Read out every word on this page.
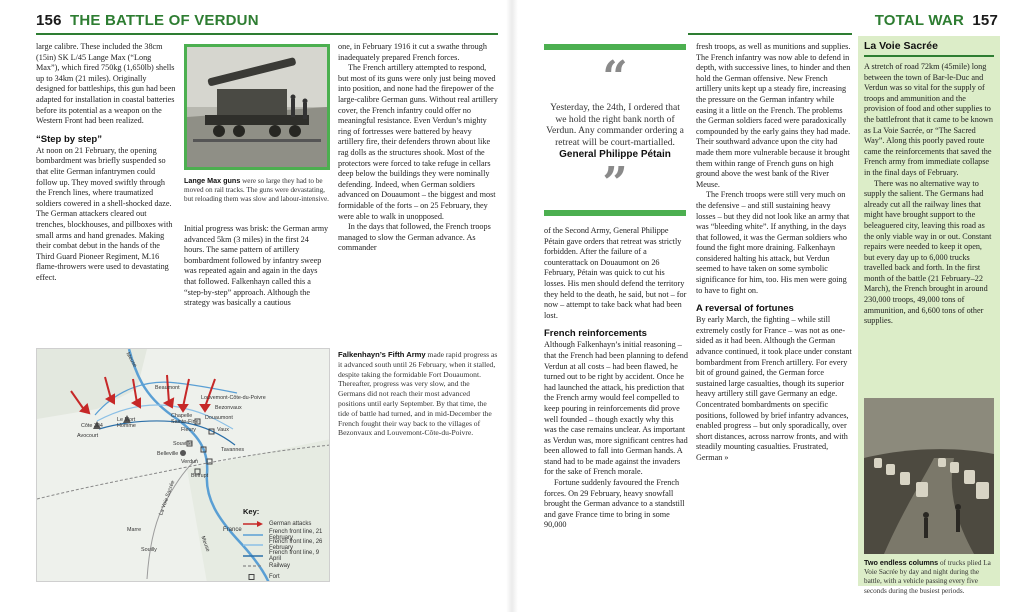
156 THE BATTLE OF VERDUN

large calibre. These included the 38cm (15in) SK L/45 Lange Max (“Long Max”), which fired 750kg (1,650lb) shells up to 34km (21 miles). Originally designed for battleships, this gun had been adapted for installation in coastal batteries before its potential as a weapon on the Western Front had been realized.

“Step by step”

At noon on 21 February, the opening bombardment was briefly suspended so that elite German infantrymen could follow up. They moved swiftly through the French lines, where traumatized soldiers cowered in a shell-shocked daze. The German attackers cleared out trenches, blockhouses, and pillboxes with small arms and hand grenades. Making their combat debut in the hands of the Third Guard Pioneer Regiment, M.16 flame-throwers were used to devastating effect.

Lange Max guns were so large they had to be moved on rail tracks. The guns were devastating, but reloading them was slow and labour-intensive.

Initial progress was brisk: the German army advanced 5km (3 miles) in the first 24 hours. The same pattern of artillery bombardment followed by infantry sweep was repeated again and again in the days that followed. Falkenhayn called this a “step-by-step” approach. Although the strategy was basically a cautious

one, in February 1916 it cut a swathe through inadequately prepared French forces.

The French artillery attempted to respond, but most of its guns were only just being moved into position, and none had the firepower of the large-calibre German guns. Without real artillery cover, the French infantry could offer no meaningful resistance. Even Verdun’s mighty ring of fortresses were battered by heavy artillery fire, their defenders thrown about like rag dolls as the structures shook. Most of the protectors were forced to take refuge in cellars deep below the buildings they were nominally defending. Indeed, when German soldiers advanced on Douaumont – the biggest and most formidable of the forts – on 25 February, they were able to walk in unopposed.

In the days that followed, the French troops managed to slow the German advance. As commander

Meuse
Beaumont
Louvemont-Côte-du-Poivre
Bezonvaux
Côte 304
Le Mort Homme
Avocourt
Chapelle Sainte-Fine
Douaumont
Fleury	Vaux
Souville
Belleville
Tavannes
Verdun
Belrupt
Marre
La Voie Sacrée
Souilly
France
Meuse
Key:
German attacks
French front line, 21 February
French front line, 26 February
French front line, 9 April
Railway
Fort
Falkenhayn’s Fifth Army made rapid progress as it advanced south until 26 February, when it stalled, despite taking the formidable Fort Douaumont. Thereafter, progress was very slow, and the Germans did not reach their most advanced positions until early September. By that time, the tide of battle had turned, and in mid-December the French fought their way back to the villages of Bezonvaux and Louvemont-Côte-du-Poivre.
TOTAL WAR 157
“
Yesterday, the 24th, I ordered that we hold the right bank north of Verdun. Any commander ordering a retreat will be court-martialled.
General Philippe Pétain
”

of the Second Army, General Philippe Pétain gave orders that retreat was strictly forbidden. After the failure of a counterattack on Douaumont on 26 February, Pétain was quick to cut his losses. His men should defend the territory they held to the death, he said, but not – for now – attempt to take back what had been lost.

French reinforcements

Although Falkenhayn’s initial reasoning – that the French had been planning to defend Verdun at all costs – had been flawed, he turned out to be right by accident. Once he had launched the attack, his prediction that the French army would feel compelled to keep pouring in reinforcements did prove well founded – though exactly why this was the case remains unclear. As important as Verdun was, more significant centres had been allowed to fall into German hands. A stand had to be made against the invaders for the sake of French morale.

Fortune suddenly favoured the French forces. On 29 February, heavy snowfall brought the German advance to a standstill and gave France time to bring in some 90,000

fresh troops, as well as munitions and supplies. The French infantry was now able to defend in depth, with successive lines, to hinder and then hold the German offensive. New French artillery units kept up a steady fire, increasing the pressure on the German infantry while easing it a little on the French. The problems the German soldiers faced were paradoxically compounded by the early gains they had made. Their southward advance upon the city had made them more vulnerable because it brought them within range of French guns on high ground above the west bank of the River Meuse.

The French troops were still very much on the defensive – and still sustaining heavy losses – but they did not look like an army that was “bleeding white”. If anything, in the days that followed, it was the German soldiers who found the fight more draining. Falkenhayn considered halting his attack, but Verdun seemed to have taken on some symbolic significance for him, too. His men were going to have to fight on.

A reversal of fortunes

By early March, the fighting – while still extremely costly for France – was not as one-sided as it had been. Although the German advance continued, it took place under constant bombardment from French artillery. For every bit of ground gained, the German force sustained large casualties, though its superior heavy artillery still gave Germany an edge. Concentrated bombardments on specific positions, followed by brief infantry advances, enabled progress – but only sporadically, over short distances, across narrow fronts, and with steadily mounting casualties. Frustrated, German »

La Voie Sacrée

A stretch of road 72km (45mile) long between the town of Bar-le-Duc and Verdun was so vital for the supply of troops and ammunition and the provision of food and other supplies to the battlefront that it came to be known as La Voie Sacrée, or “The Sacred Way”. Along this poorly paved route came the reinforcements that saved the French army from immediate collapse in the final days of February.

There was no alternative way to supply the salient. The Germans had already cut all the railway lines that might have brought support to the beleaguered city, leaving this road as the only viable way in or out. Constant repairs were needed to keep it open, but every day up to 6,000 trucks travelled back and forth. In the first month of the battle (21 February–22 March), the French brought in around 230,000 troops, 49,000 tons of ammunition, and 6,600 tons of other supplies.

Two endless columns of trucks plied La Voie Sacrée by day and night during the battle, with a vehicle passing every five seconds during the busiest periods.
